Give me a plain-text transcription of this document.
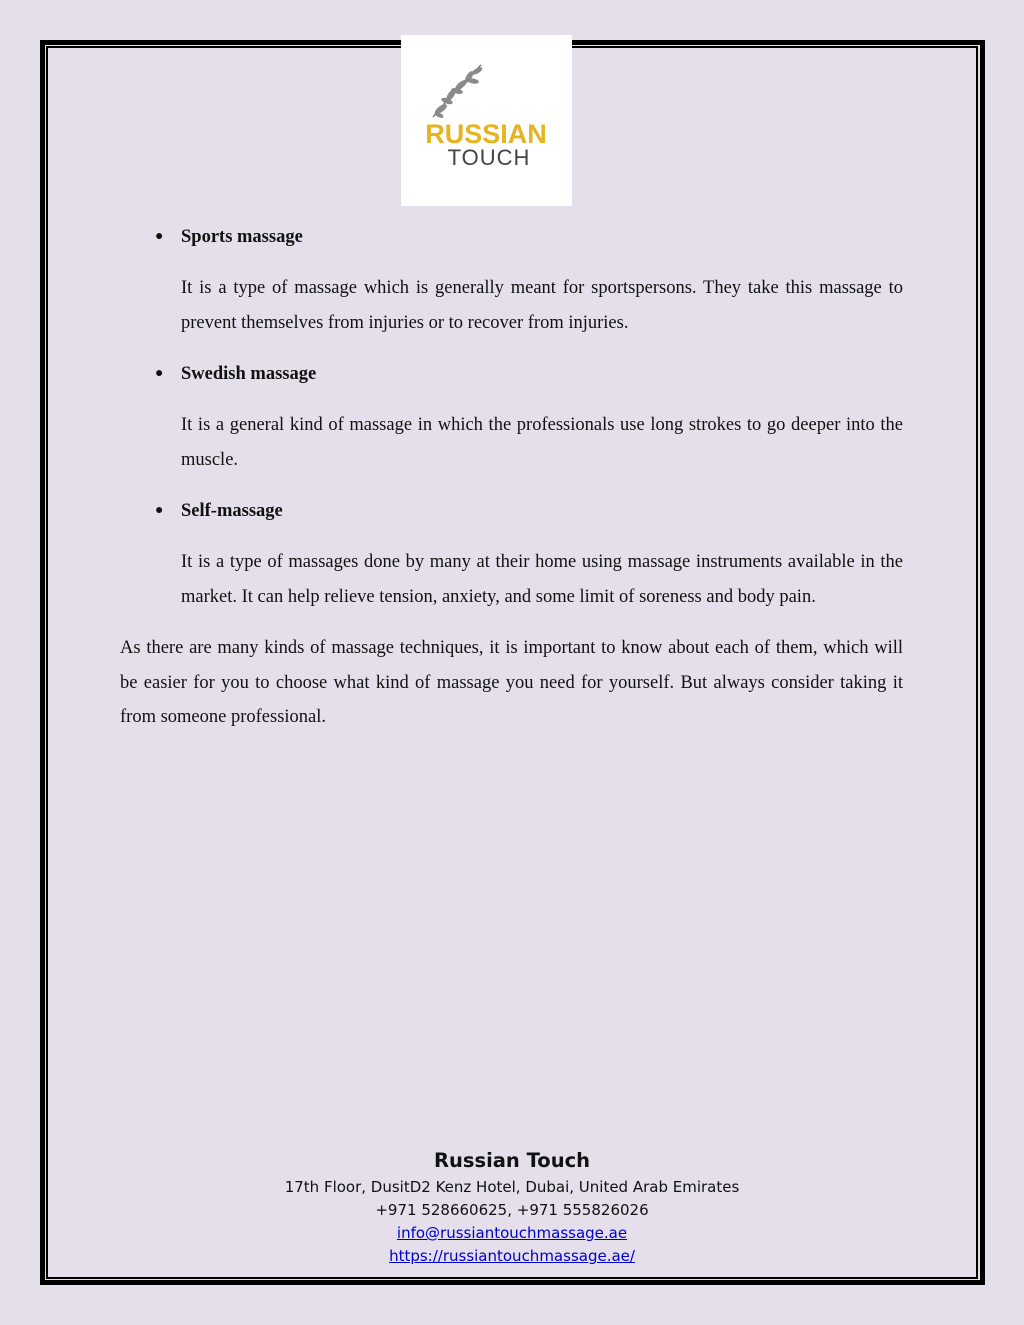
RUSSIAN
TOUCH

● Sports massage

It is a type of massage which is generally meant for sportspersons. They take this massage to prevent themselves from injuries or to recover from injuries.

● Swedish massage

It is a general kind of massage in which the professionals use long strokes to go deeper into the muscle.

● Self-massage

It is a type of massages done by many at their home using massage instruments available in the market. It can help relieve tension, anxiety, and some limit of soreness and body pain.

As there are many kinds of massage techniques, it is important to know about each of them, which will be easier for you to choose what kind of massage you need for yourself. But always consider taking it from someone professional.

Russian Touch
17th Floor, DusitD2 Kenz Hotel, Dubai, United Arab Emirates
+971 528660625, +971 555826026
info@russiantouchmassage.ae
https://russiantouchmassage.ae/
